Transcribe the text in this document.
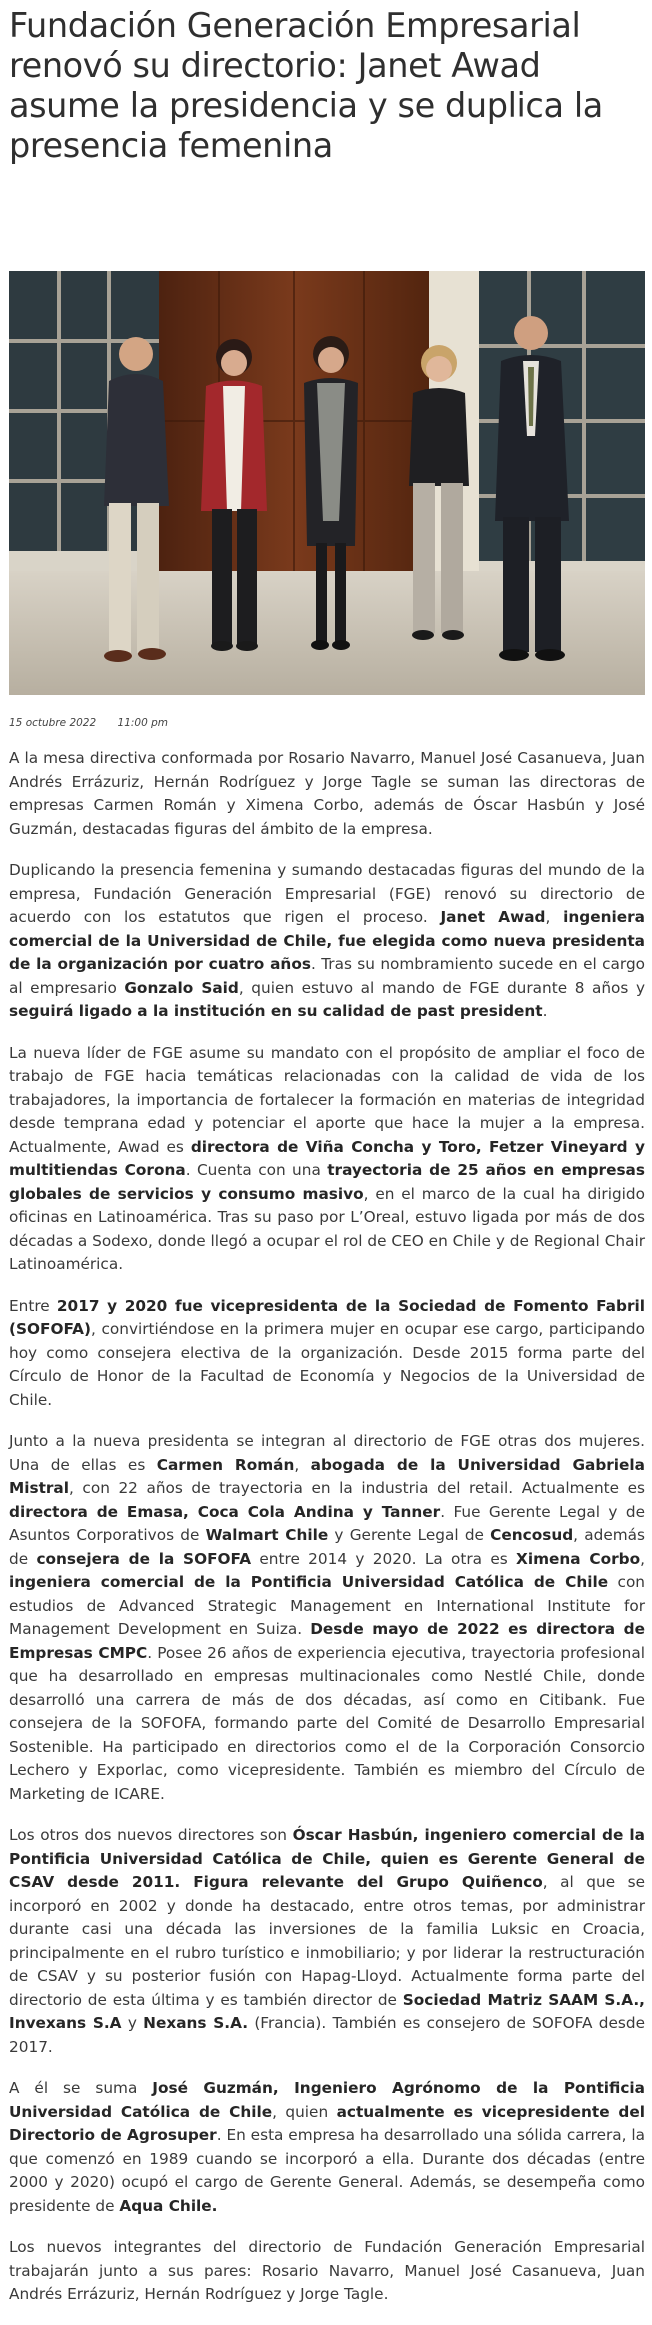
Fundación Generación Empresarial renovó su directorio: Janet Awad asume la presidencia y se duplica la presencia femenina
15 octubre 2022 11:00 pm

A la mesa directiva conformada por Rosario Navarro, Manuel José Casanueva, Juan Andrés Errázuriz, Hernán Rodríguez y Jorge Tagle se suman las directoras de empresas Carmen Román y Ximena Corbo, además de Óscar Hasbún y José Guzmán, destacadas figuras del ámbito de la empresa.

Duplicando la presencia femenina y sumando destacadas figuras del mundo de la empresa, Fundación Generación Empresarial (FGE) renovó su directorio de acuerdo con los estatutos que rigen el proceso. Janet Awad, ingeniera comercial de la Universidad de Chile, fue elegida como nueva presidenta de la organización por cuatro años. Tras su nombramiento sucede en el cargo al empresario Gonzalo Said, quien estuvo al mando de FGE durante 8 años y seguirá ligado a la institución en su calidad de past president.

La nueva líder de FGE asume su mandato con el propósito de ampliar el foco de trabajo de FGE hacia temáticas relacionadas con la calidad de vida de los trabajadores, la importancia de fortalecer la formación en materias de integridad desde temprana edad y potenciar el aporte que hace la mujer a la empresa. Actualmente, Awad es directora de Viña Concha y Toro, Fetzer Vineyard y multitiendas Corona. Cuenta con una trayectoria de 25 años en empresas globales de servicios y consumo masivo, en el marco de la cual ha dirigido oficinas en Latinoamérica. Tras su paso por L’Oreal, estuvo ligada por más de dos décadas a Sodexo, donde llegó a ocupar el rol de CEO en Chile y de Regional Chair Latinoamérica.

Entre 2017 y 2020 fue vicepresidenta de la Sociedad de Fomento Fabril (SOFOFA), convirtiéndose en la primera mujer en ocupar ese cargo, participando hoy como consejera electiva de la organización. Desde 2015 forma parte del Círculo de Honor de la Facultad de Economía y Negocios de la Universidad de Chile.

Junto a la nueva presidenta se integran al directorio de FGE otras dos mujeres. Una de ellas es Carmen Román, abogada de la Universidad Gabriela Mistral, con 22 años de trayectoria en la industria del retail. Actualmente es directora de Emasa, Coca Cola Andina y Tanner. Fue Gerente Legal y de Asuntos Corporativos de Walmart Chile y Gerente Legal de Cencosud, además de consejera de la SOFOFA entre 2014 y 2020. La otra es Ximena Corbo, ingeniera comercial de la Pontificia Universidad Católica de Chile con estudios de Advanced Strategic Management en International Institute for Management Development en Suiza. Desde mayo de 2022 es directora de Empresas CMPC. Posee 26 años de experiencia ejecutiva, trayectoria profesional que ha desarrollado en empresas multinacionales como Nestlé Chile, donde desarrolló una carrera de más de dos décadas, así como en Citibank. Fue consejera de la SOFOFA, formando parte del Comité de Desarrollo Empresarial Sostenible. Ha participado en directorios como el de la Corporación Consorcio Lechero y Exporlac, como vicepresidente. También es miembro del Círculo de Marketing de ICARE.

Los otros dos nuevos directores son Óscar Hasbún, ingeniero comercial de la Pontificia Universidad Católica de Chile, quien es Gerente General de CSAV desde 2011. Figura relevante del Grupo Quiñenco, al que se incorporó en 2002 y donde ha destacado, entre otros temas, por administrar durante casi una década las inversiones de la familia Luksic en Croacia, principalmente en el rubro turístico e inmobiliario; y por liderar la restructuración de CSAV y su posterior fusión con Hapag-Lloyd. Actualmente forma parte del directorio de esta última y es también director de Sociedad Matriz SAAM S.A., Invexans S.A y Nexans S.A. (Francia). También es consejero de SOFOFA desde 2017.

A él se suma José Guzmán, Ingeniero Agrónomo de la Pontificia Universidad Católica de Chile, quien actualmente es vicepresidente del Directorio de Agrosuper. En esta empresa ha desarrollado una sólida carrera, la que comenzó en 1989 cuando se incorporó a ella. Durante dos décadas (entre 2000 y 2020) ocupó el cargo de Gerente General. Además, se desempeña como presidente de Aqua Chile.

Los nuevos integrantes del directorio de Fundación Generación Empresarial trabajarán junto a sus pares: Rosario Navarro, Manuel José Casanueva, Juan Andrés Errázuriz, Hernán Rodríguez y Jorge Tagle.
